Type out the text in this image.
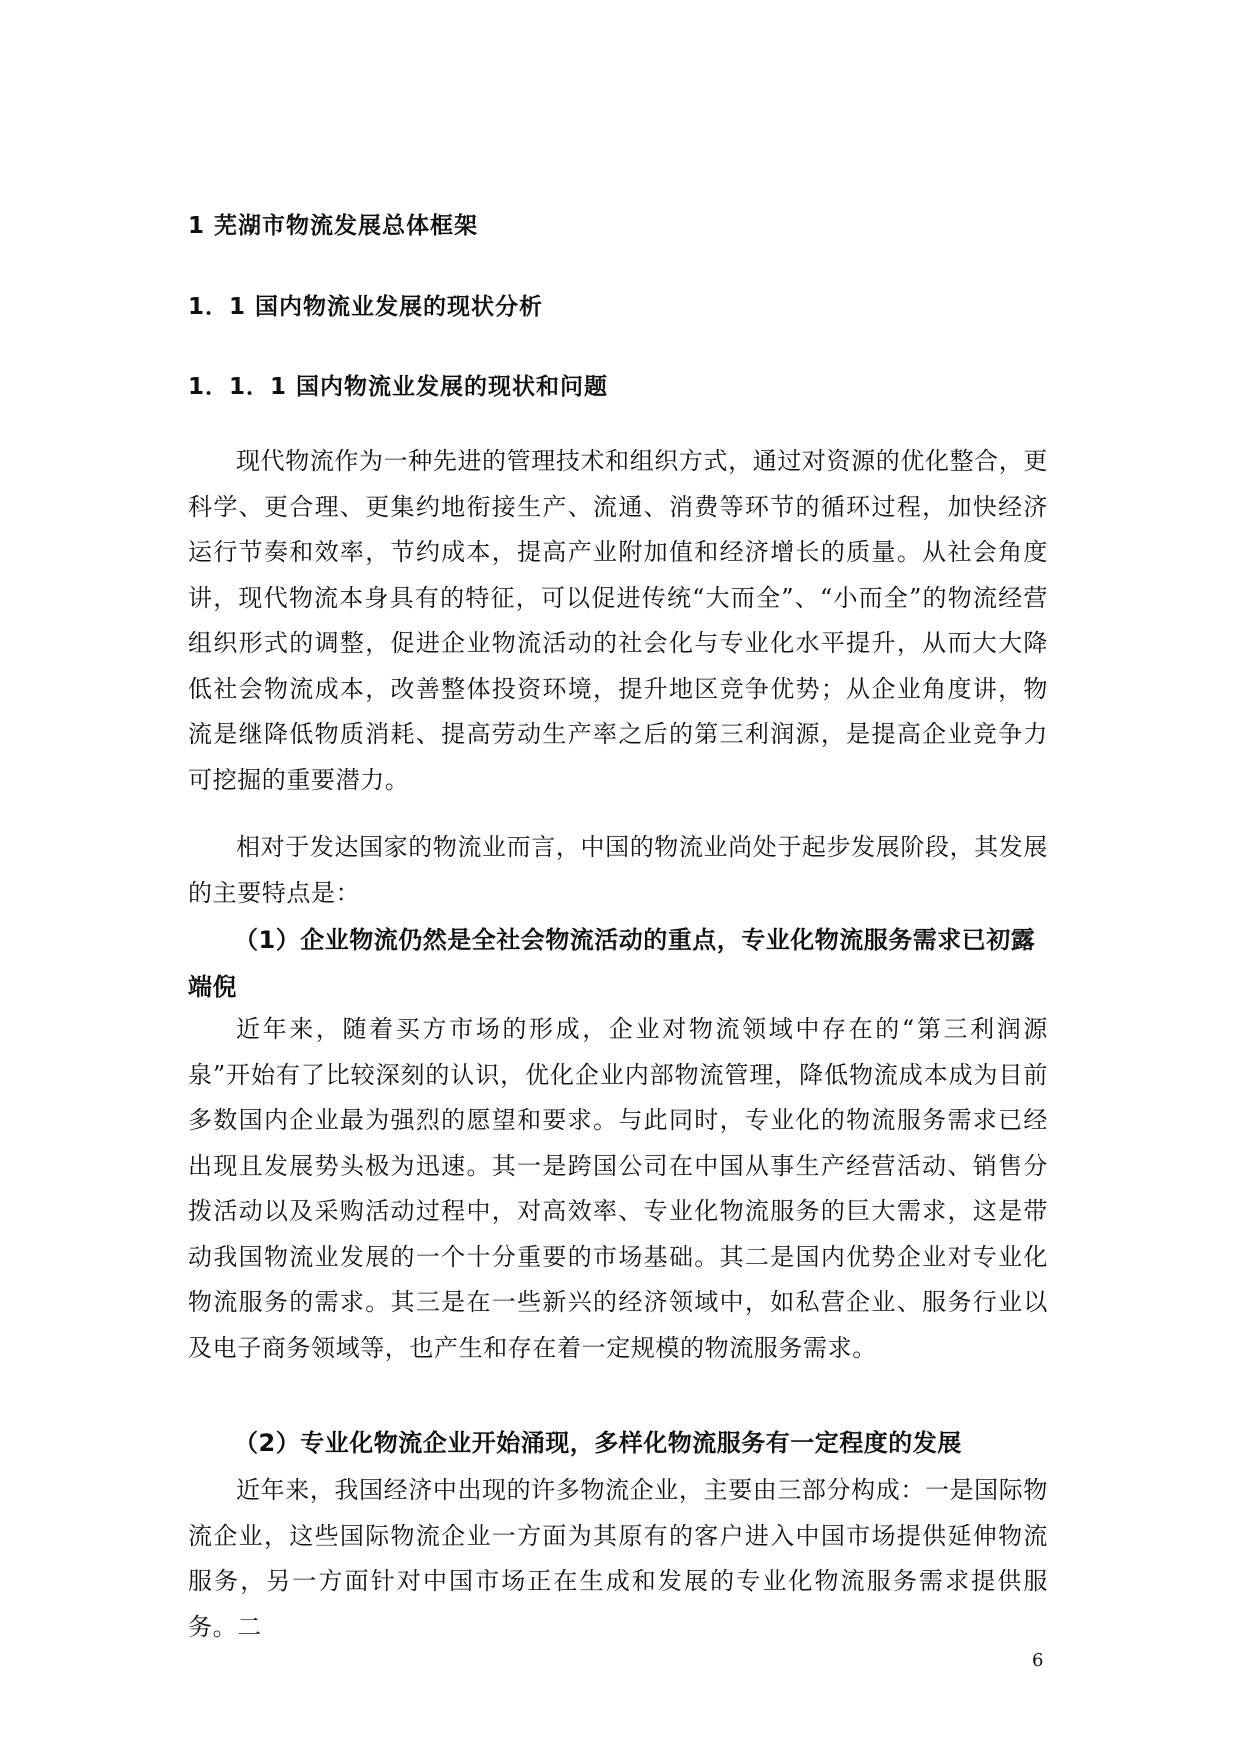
1 芜湖市物流发展总体框架
1．1 国内物流业发展的现状分析
1．1．1 国内物流业发展的现状和问题
现代物流作为一种先进的管理技术和组织方式，通过对资源的优化整合，更科学、更合理、更集约地衔接生产、流通、消费等环节的循环过程，加快经济运行节奏和效率，节约成本，提高产业附加值和经济增长的质量。从社会角度讲，现代物流本身具有的特征，可以促进传统“大而全”、“小而全”的物流经营组织形式的调整，促进企业物流活动的社会化与专业化水平提升，从而大大降低社会物流成本，改善整体投资环境，提升地区竞争优势；从企业角度讲，物流是继降低物质消耗、提高劳动生产率之后的第三利润源，是提高企业竞争力可挖掘的重要潜力。
相对于发达国家的物流业而言，中国的物流业尚处于起步发展阶段，其发展的主要特点是：
（1）企业物流仍然是全社会物流活动的重点，专业化物流服务需求已初露端倪
近年来，随着买方市场的形成，企业对物流领域中存在的“第三利润源泉”开始有了比较深刻的认识，优化企业内部物流管理，降低物流成本成为目前多数国内企业最为强烈的愿望和要求。与此同时，专业化的物流服务需求已经出现且发展势头极为迅速。其一是跨国公司在中国从事生产经营活动、销售分拨活动以及采购活动过程中，对高效率、专业化物流服务的巨大需求，这是带动我国物流业发展的一个十分重要的市场基础。其二是国内优势企业对专业化物流服务的需求。其三是在一些新兴的经济领域中，如私营企业、服务行业以及电子商务领域等，也产生和存在着一定规模的物流服务需求。
（2）专业化物流企业开始涌现，多样化物流服务有一定程度的发展
近年来，我国经济中出现的许多物流企业，主要由三部分构成：一是国际物流企业，这些国际物流企业一方面为其原有的客户进入中国市场提供延伸物流服务，另一方面针对中国市场正在生成和发展的专业化物流服务需求提供服务。二
6
